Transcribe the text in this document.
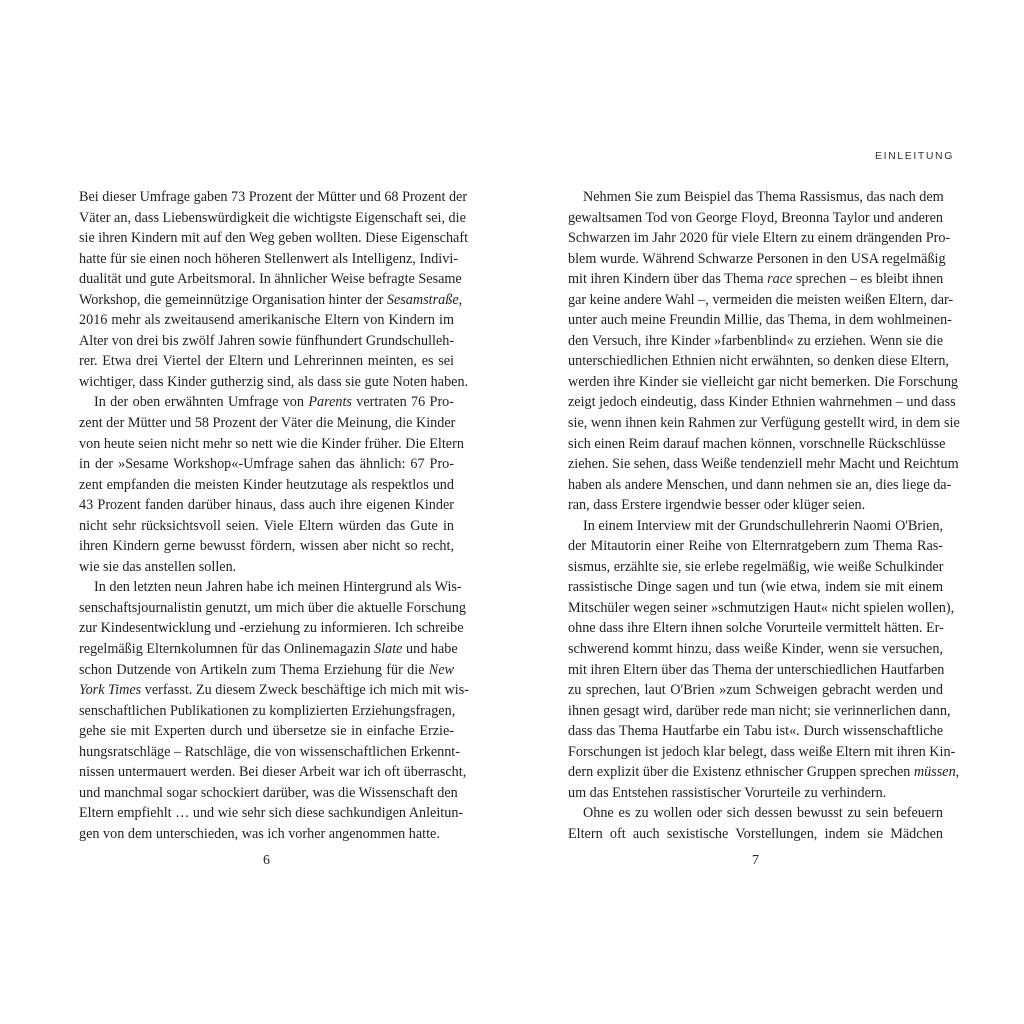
Bei dieser Umfrage gaben 73 Prozent der Mütter und 68 Prozent der
Väter an, dass Liebenswürdigkeit die wichtigste Eigenschaft sei, die
sie ihren Kindern mit auf den Weg geben wollten. Diese Eigenschaft
hatte für sie einen noch höheren Stellenwert als Intelligenz, Indivi-
dualität und gute Arbeitsmoral. In ähnlicher Weise befragte Sesame
Workshop, die gemeinnützige Organisation hinter der Sesamstraße,
2016 mehr als zweitausend amerikanische Eltern von Kindern im
Alter von drei bis zwölf Jahren sowie fünfhundert Grundschulleh-
rer. Etwa drei Viertel der Eltern und Lehrerinnen meinten, es sei
wichtiger, dass Kinder gutherzig sind, als dass sie gute Noten haben.
In der oben erwähnten Umfrage von Parents vertraten 76 Pro-
zent der Mütter und 58 Prozent der Väter die Meinung, die Kinder
von heute seien nicht mehr so nett wie die Kinder früher. Die Eltern
in der »Sesame Workshop«-Umfrage sahen das ähnlich: 67 Pro-
zent empfanden die meisten Kinder heutzutage als respektlos und
43 Prozent fanden darüber hinaus, dass auch ihre eigenen Kinder
nicht sehr rücksichtsvoll seien. Viele Eltern würden das Gute in
ihren Kindern gerne bewusst fördern, wissen aber nicht so recht,
wie sie das anstellen sollen.
In den letzten neun Jahren habe ich meinen Hintergrund als Wis-
senschaftsjournalistin genutzt, um mich über die aktuelle Forschung
zur Kindesentwicklung und -erziehung zu informieren. Ich schreibe
regelmäßig Elternkolumnen für das Onlinemagazin Slate und habe
schon Dutzende von Artikeln zum Thema Erziehung für die New
York Times verfasst. Zu diesem Zweck beschäftige ich mich mit wis-
senschaftlichen Publikationen zu komplizierten Erziehungsfragen,
gehe sie mit Experten durch und übersetze sie in einfache Erzie-
hungsratschläge – Ratschläge, die von wissenschaftlichen Erkennt-
nissen untermauert werden. Bei dieser Arbeit war ich oft überrascht,
und manchmal sogar schockiert darüber, was die Wissenschaft den
Eltern empfiehlt … und wie sehr sich diese sachkundigen Anleitun-
gen von dem unterschieden, was ich vorher angenommen hatte.
6
EINLEITUNG
Nehmen Sie zum Beispiel das Thema Rassismus, das nach dem
gewaltsamen Tod von George Floyd, Breonna Taylor und anderen
Schwarzen im Jahr 2020 für viele Eltern zu einem drängenden Pro-
blem wurde. Während Schwarze Personen in den USA regelmäßig
mit ihren Kindern über das Thema race sprechen – es bleibt ihnen
gar keine andere Wahl –, vermeiden die meisten weißen Eltern, dar-
unter auch meine Freundin Millie, das Thema, in dem wohlmeinen-
den Versuch, ihre Kinder »farbenblind« zu erziehen. Wenn sie die
unterschiedlichen Ethnien nicht erwähnten, so denken diese Eltern,
werden ihre Kinder sie vielleicht gar nicht bemerken. Die Forschung
zeigt jedoch eindeutig, dass Kinder Ethnien wahrnehmen – und dass
sie, wenn ihnen kein Rahmen zur Verfügung gestellt wird, in dem sie
sich einen Reim darauf machen können, vorschnelle Rückschlüsse
ziehen. Sie sehen, dass Weiße tendenziell mehr Macht und Reichtum
haben als andere Menschen, und dann nehmen sie an, dies liege da-
ran, dass Erstere irgendwie besser oder klüger seien.
In einem Interview mit der Grundschullehrerin Naomi O'Brien,
der Mitautorin einer Reihe von Elternratgebern zum Thema Ras-
sismus, erzählte sie, sie erlebe regelmäßig, wie weiße Schulkinder
rassistische Dinge sagen und tun (wie etwa, indem sie mit einem
Mitschüler wegen seiner »schmutzigen Haut« nicht spielen wollen),
ohne dass ihre Eltern ihnen solche Vorurteile vermittelt hätten. Er-
schwerend kommt hinzu, dass weiße Kinder, wenn sie versuchen,
mit ihren Eltern über das Thema der unterschiedlichen Hautfarben
zu sprechen, laut O'Brien »zum Schweigen gebracht werden und
ihnen gesagt wird, darüber rede man nicht; sie verinnerlichen dann,
dass das Thema Hautfarbe ein Tabu ist«. Durch wissenschaftliche
Forschungen ist jedoch klar belegt, dass weiße Eltern mit ihren Kin-
dern explizit über die Existenz ethnischer Gruppen sprechen müssen,
um das Entstehen rassistischer Vorurteile zu verhindern.
Ohne es zu wollen oder sich dessen bewusst zu sein befeuern
Eltern oft auch sexistische Vorstellungen, indem sie Mädchen
7
